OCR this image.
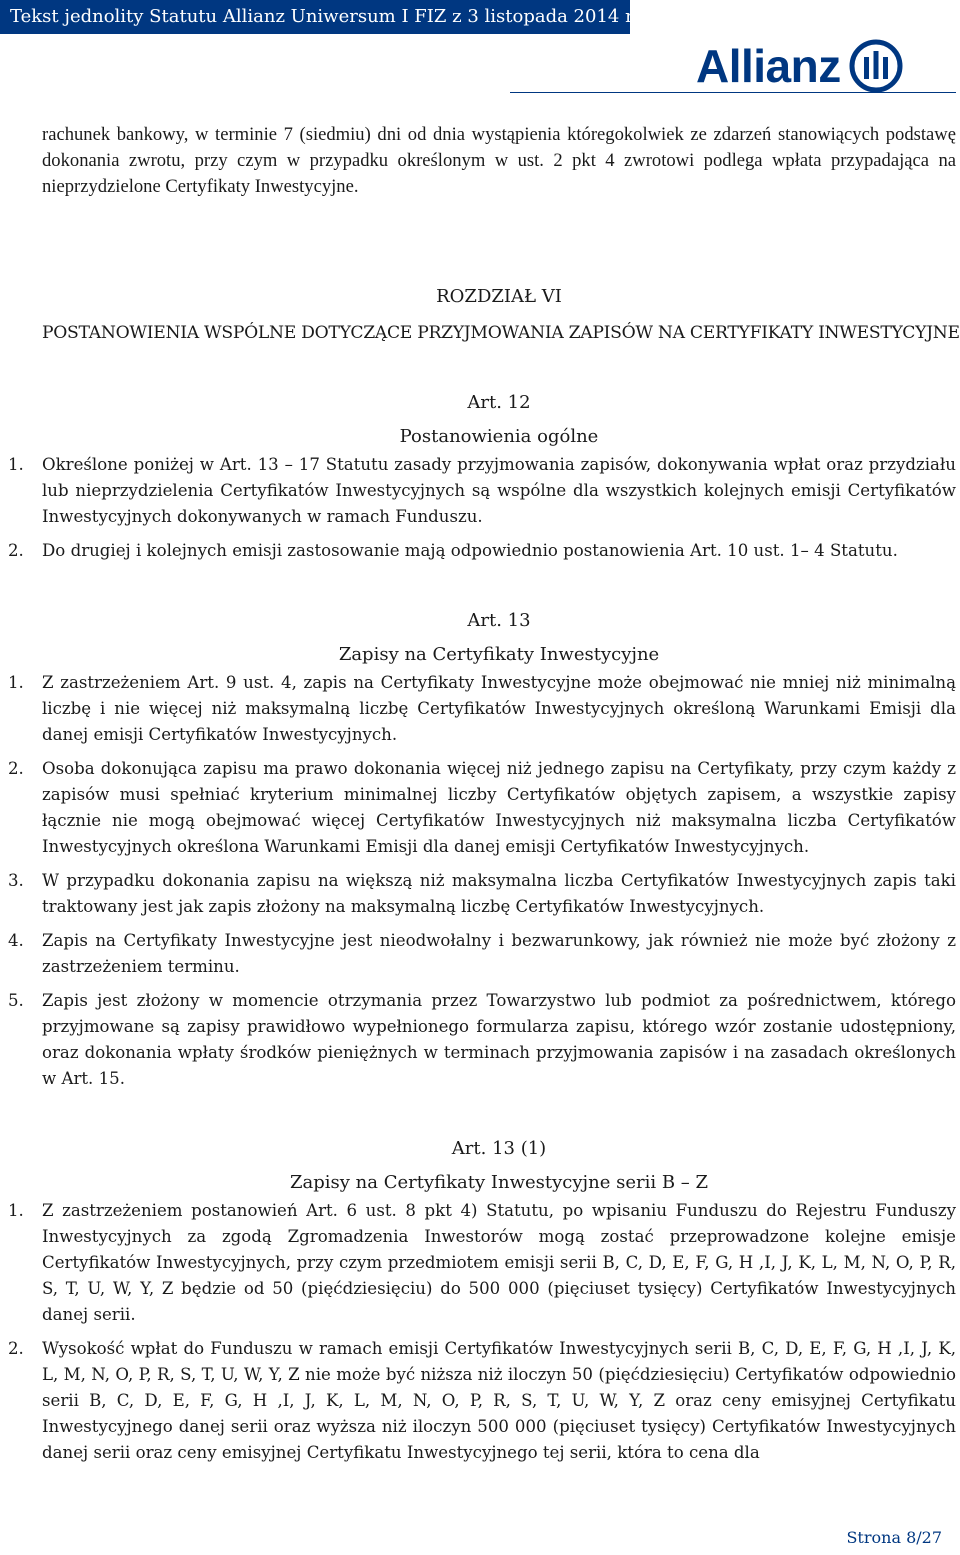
Tekst jednolity Statutu Allianz Uniwersum I FIZ z 3 listopada 2014 roku
Allianz

rachunek bankowy, w terminie 7 (siedmiu) dni od dnia wystąpienia któregokolwiek ze zdarzeń stanowiących podstawę dokonania zwrotu, przy czym w przypadku określonym w ust. 2 pkt 4 zwrotowi podlega wpłata przypadająca na nieprzydzielone Certyfikaty Inwestycyjne.

ROZDZIAŁ VI

POSTANOWIENIA WSPÓLNE DOTYCZĄCE PRZYJMOWANIA ZAPISÓW NA CERTYFIKATY INWESTYCYJNE

Art. 12

Postanowienia ogólne

1. Określone poniżej w Art. 13 – 17 Statutu zasady przyjmowania zapisów, dokonywania wpłat oraz przydziału lub nieprzydzielenia Certyfikatów Inwestycyjnych są wspólne dla wszystkich kolejnych emisji Certyfikatów Inwestycyjnych dokonywanych w ramach Funduszu.
2. Do drugiej i kolejnych emisji zastosowanie mają odpowiednio postanowienia Art. 10 ust. 1– 4 Statutu.

Art. 13

Zapisy na Certyfikaty Inwestycyjne

1. Z zastrzeżeniem Art. 9 ust. 4, zapis na Certyfikaty Inwestycyjne może obejmować nie mniej niż minimalną liczbę i nie więcej niż maksymalną liczbę Certyfikatów Inwestycyjnych określoną Warunkami Emisji dla danej emisji Certyfikatów Inwestycyjnych.
2. Osoba dokonująca zapisu ma prawo dokonania więcej niż jednego zapisu na Certyfikaty, przy czym każdy z zapisów musi spełniać kryterium minimalnej liczby Certyfikatów objętych zapisem, a wszystkie zapisy łącznie nie mogą obejmować więcej Certyfikatów Inwestycyjnych niż maksymalna liczba Certyfikatów Inwestycyjnych określona Warunkami Emisji dla danej emisji Certyfikatów Inwestycyjnych.
3. W przypadku dokonania zapisu na większą niż maksymalna liczba Certyfikatów Inwestycyjnych zapis taki traktowany jest jak zapis złożony na maksymalną liczbę Certyfikatów Inwestycyjnych.
4. Zapis na Certyfikaty Inwestycyjne jest nieodwołalny i bezwarunkowy, jak również nie może być złożony z zastrzeżeniem terminu.
5. Zapis jest złożony w momencie otrzymania przez Towarzystwo lub podmiot za pośrednictwem, którego przyjmowane są zapisy prawidłowo wypełnionego formularza zapisu, którego wzór zostanie udostępniony, oraz dokonania wpłaty środków pieniężnych w terminach przyjmowania zapisów i na zasadach określonych w Art. 15.

Art. 13 (1)

Zapisy na Certyfikaty Inwestycyjne serii B – Z

1. Z zastrzeżeniem postanowień Art. 6 ust. 8 pkt 4) Statutu, po wpisaniu Funduszu do Rejestru Funduszy Inwestycyjnych za zgodą Zgromadzenia Inwestorów mogą zostać przeprowadzone kolejne emisje Certyfikatów Inwestycyjnych, przy czym przedmiotem emisji serii B, C, D, E, F, G, H ,I, J, K, L, M, N, O, P, R, S, T, U, W, Y, Z będzie od 50 (pięćdziesięciu) do 500 000 (pięciuset tysięcy) Certyfikatów Inwestycyjnych danej serii.
2. Wysokość wpłat do Funduszu w ramach emisji Certyfikatów Inwestycyjnych serii B, C, D, E, F, G, H ,I, J, K, L, M, N, O, P, R, S, T, U, W, Y, Z nie może być niższa niż iloczyn 50 (pięćdziesięciu) Certyfikatów odpowiednio serii B, C, D, E, F, G, H ,I, J, K, L, M, N, O, P, R, S, T, U, W, Y, Z oraz ceny emisyjnej Certyfikatu Inwestycyjnego danej serii oraz wyższa niż iloczyn 500 000 (pięciuset tysięcy) Certyfikatów Inwestycyjnych danej serii oraz ceny emisyjnej Certyfikatu Inwestycyjnego tej serii, która to cena dla
Strona 8/27
